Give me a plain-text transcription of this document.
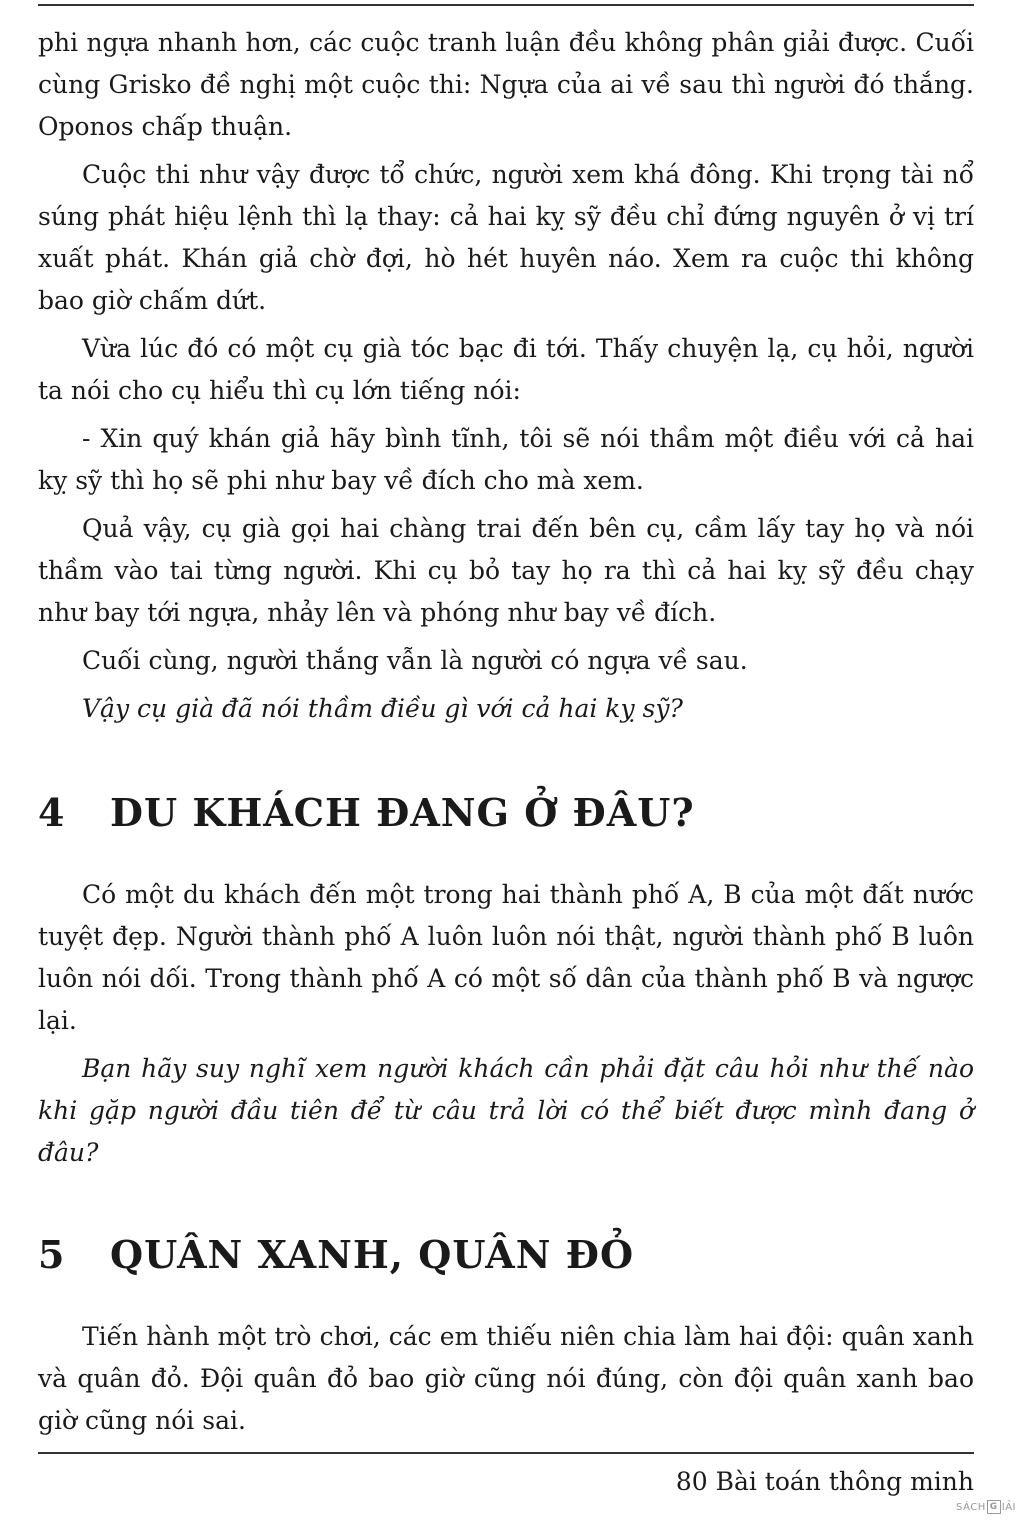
phi ngựa nhanh hơn, các cuộc tranh luận đều không phân giải được. Cuối cùng Grisko đề nghị một cuộc thi: Ngựa của ai về sau thì người đó thắng. Oponos chấp thuận.

Cuộc thi như vậy được tổ chức, người xem khá đông. Khi trọng tài nổ súng phát hiệu lệnh thì lạ thay: cả hai kỵ sỹ đều chỉ đứng nguyên ở vị trí xuất phát. Khán giả chờ đợi, hò hét huyên náo. Xem ra cuộc thi không bao giờ chấm dứt.

Vừa lúc đó có một cụ già tóc bạc đi tới. Thấy chuyện lạ, cụ hỏi, người ta nói cho cụ hiểu thì cụ lớn tiếng nói:

- Xin quý khán giả hãy bình tĩnh, tôi sẽ nói thầm một điều với cả hai kỵ sỹ thì họ sẽ phi như bay về đích cho mà xem.

Quả vậy, cụ già gọi hai chàng trai đến bên cụ, cầm lấy tay họ và nói thầm vào tai từng người. Khi cụ bỏ tay họ ra thì cả hai kỵ sỹ đều chạy như bay tới ngựa, nhảy lên và phóng như bay về đích.

Cuối cùng, người thắng vẫn là người có ngựa về sau.

Vậy cụ già đã nói thầm điều gì với cả hai kỵ sỹ?

4 DU KHÁCH ĐANG Ở ĐÂU?

Có một du khách đến một trong hai thành phố A, B của một đất nước tuyệt đẹp. Người thành phố A luôn luôn nói thật, người thành phố B luôn luôn nói dối. Trong thành phố A có một số dân của thành phố B và ngược lại.

Bạn hãy suy nghĩ xem người khách cần phải đặt câu hỏi như thế nào khi gặp người đầu tiên để từ câu trả lời có thể biết được mình đang ở đâu?

5 QUÂN XANH, QUÂN ĐỎ

Tiến hành một trò chơi, các em thiếu niên chia làm hai đội: quân xanh và quân đỏ. Đội quân đỏ bao giờ cũng nói đúng, còn đội quân xanh bao giờ cũng nói sai.

80 Bài toán thông minh
SÁCH G IẢI
